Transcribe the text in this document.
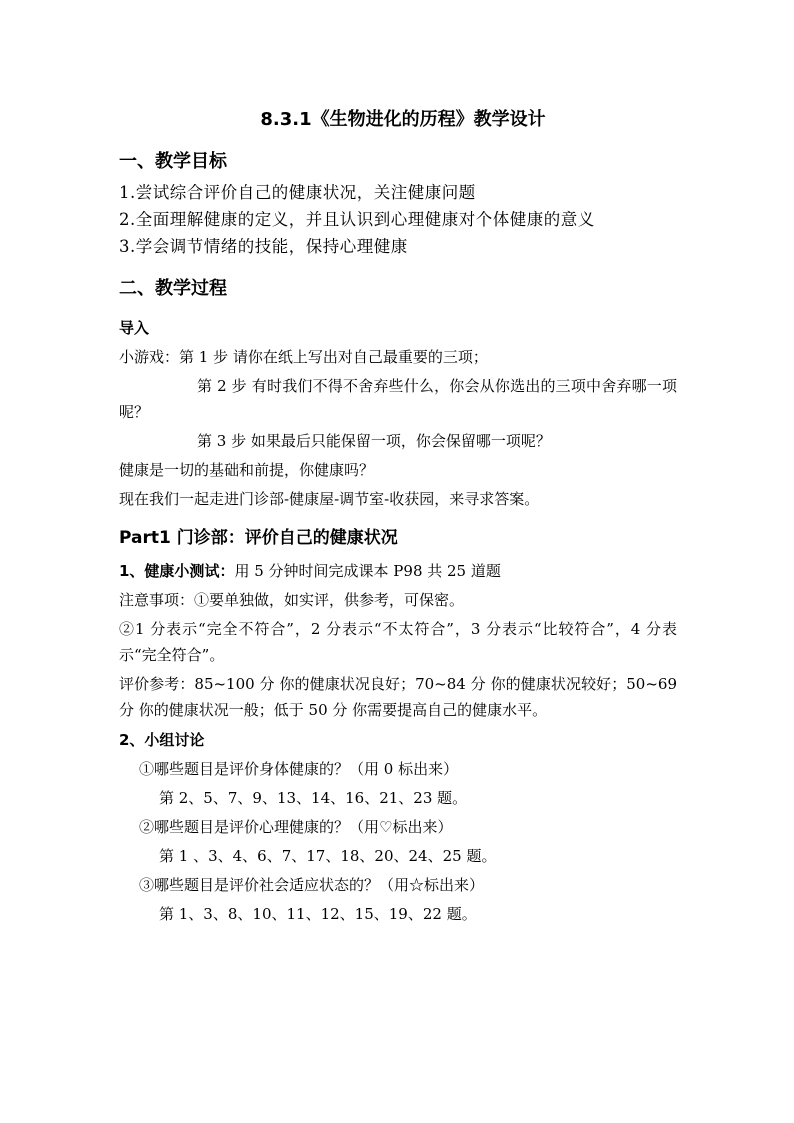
8.3.1《生物进化的历程》教学设计
一、教学目标
1.尝试综合评价自己的健康状况，关注健康问题
2.全面理解健康的定义，并且认识到心理健康对个体健康的意义
3.学会调节情绪的技能，保持心理健康
二、教学过程
导入
小游戏：第 1 步 请你在纸上写出对自己最重要的三项；
第 2 步 有时我们不得不舍弃些什么，你会从你选出的三项中舍弃哪一项呢？
第 3 步 如果最后只能保留一项，你会保留哪一项呢？
健康是一切的基础和前提，你健康吗？
现在我们一起走进门诊部-健康屋-调节室-收获园，来寻求答案。
Part1 门诊部：评价自己的健康状况
1、健康小测试：用 5 分钟时间完成课本 P98 共 25 道题
注意事项：①要单独做，如实评，供参考，可保密。
②1 分表示“完全不符合”，2 分表示“不太符合”，3 分表示“比较符合”，4 分表示“完全符合”。
评价参考：85~100 分 你的健康状况良好；70~84 分 你的健康状况较好；50~69 分 你的健康状况一般；低于 50 分 你需要提高自己的健康水平。
2、小组讨论
①哪些题目是评价身体健康的？（用 0 标出来）
第 2、5、7、9、13、14、16、21、23 题。
②哪些题目是评价心理健康的？（用♡标出来）
第 1 、3、4、6、7、17、18、20、24、25 题。
③哪些题目是评价社会适应状态的？（用☆标出来）
第 1、3、8、10、11、12、15、19、22 题。
